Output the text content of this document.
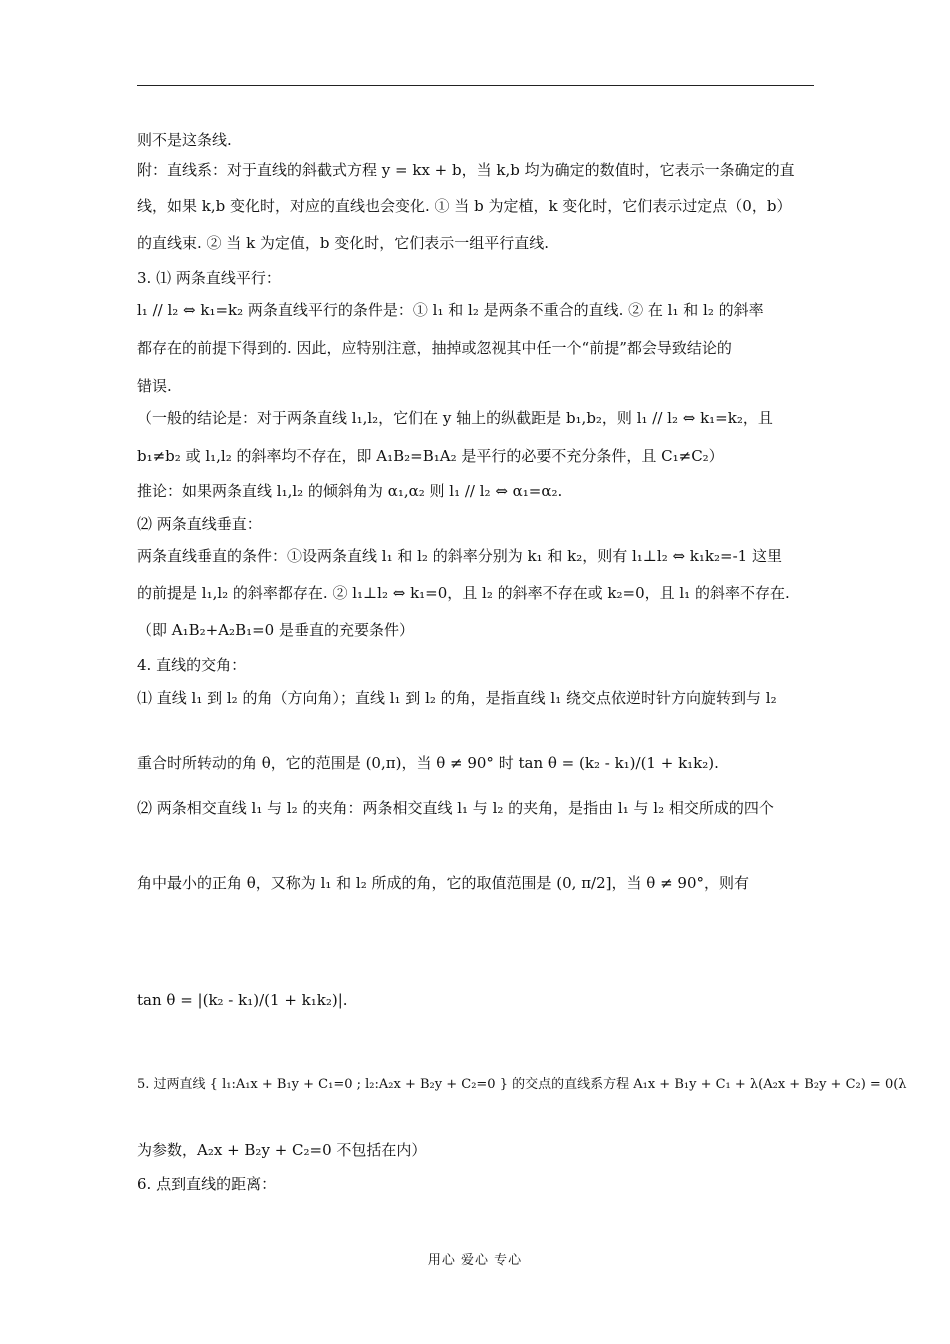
则不是这条线.
附：直线系：对于直线的斜截式方程 y = kx + b，当 k,b 均为确定的数值时，它表示一条确定的直
线，如果 k,b 变化时，对应的直线也会变化. ① 当 b 为定植，k 变化时，它们表示过定点（0，b）
的直线束. ② 当 k 为定值，b 变化时，它们表示一组平行直线.
3. ⑴ 两条直线平行：
l₁ // l₂ ⇔ k₁=k₂ 两条直线平行的条件是：① l₁ 和 l₂ 是两条不重合的直线. ② 在 l₁ 和 l₂ 的斜率
都存在的前提下得到的. 因此，应特别注意，抽掉或忽视其中任一个“前提”都会导致结论的
错误.
（一般的结论是：对于两条直线 l₁,l₂，它们在 y 轴上的纵截距是 b₁,b₂，则 l₁ // l₂ ⇔ k₁=k₂，且
b₁≠b₂ 或 l₁,l₂ 的斜率均不存在，即 A₁B₂=B₁A₂ 是平行的必要不充分条件，且 C₁≠C₂）
推论：如果两条直线 l₁,l₂ 的倾斜角为 α₁,α₂ 则 l₁ // l₂ ⇔ α₁=α₂.
⑵ 两条直线垂直：
两条直线垂直的条件：①设两条直线 l₁ 和 l₂ 的斜率分别为 k₁ 和 k₂，则有 l₁⊥l₂ ⇔ k₁k₂=-1 这里
的前提是 l₁,l₂ 的斜率都存在. ② l₁⊥l₂ ⇔ k₁=0，且 l₂ 的斜率不存在或 k₂=0，且 l₁ 的斜率不存在.
（即 A₁B₂+A₂B₁=0 是垂直的充要条件）
4. 直线的交角：
⑴ 直线 l₁ 到 l₂ 的角（方向角）；直线 l₁ 到 l₂ 的角，是指直线 l₁ 绕交点依逆时针方向旋转到与 l₂
重合时所转动的角 θ，它的范围是 (0,π)，当 θ ≠ 90° 时 tan θ = (k₂ - k₁)/(1 + k₁k₂).
⑵ 两条相交直线 l₁ 与 l₂ 的夹角：两条相交直线 l₁ 与 l₂ 的夹角，是指由 l₁ 与 l₂ 相交所成的四个
角中最小的正角 θ，又称为 l₁ 和 l₂ 所成的角，它的取值范围是 (0, π/2]，当 θ ≠ 90°，则有
tan θ = |(k₂ - k₁)/(1 + k₁k₂)|.
5. 过两直线 { l₁:A₁x + B₁y + C₁=0 ; l₂:A₂x + B₂y + C₂=0 } 的交点的直线系方程 A₁x + B₁y + C₁ + λ(A₂x + B₂y + C₂) = 0(λ
为参数，A₂x + B₂y + C₂=0 不包括在内）
6. 点到直线的距离：
用心 爱心 专心
